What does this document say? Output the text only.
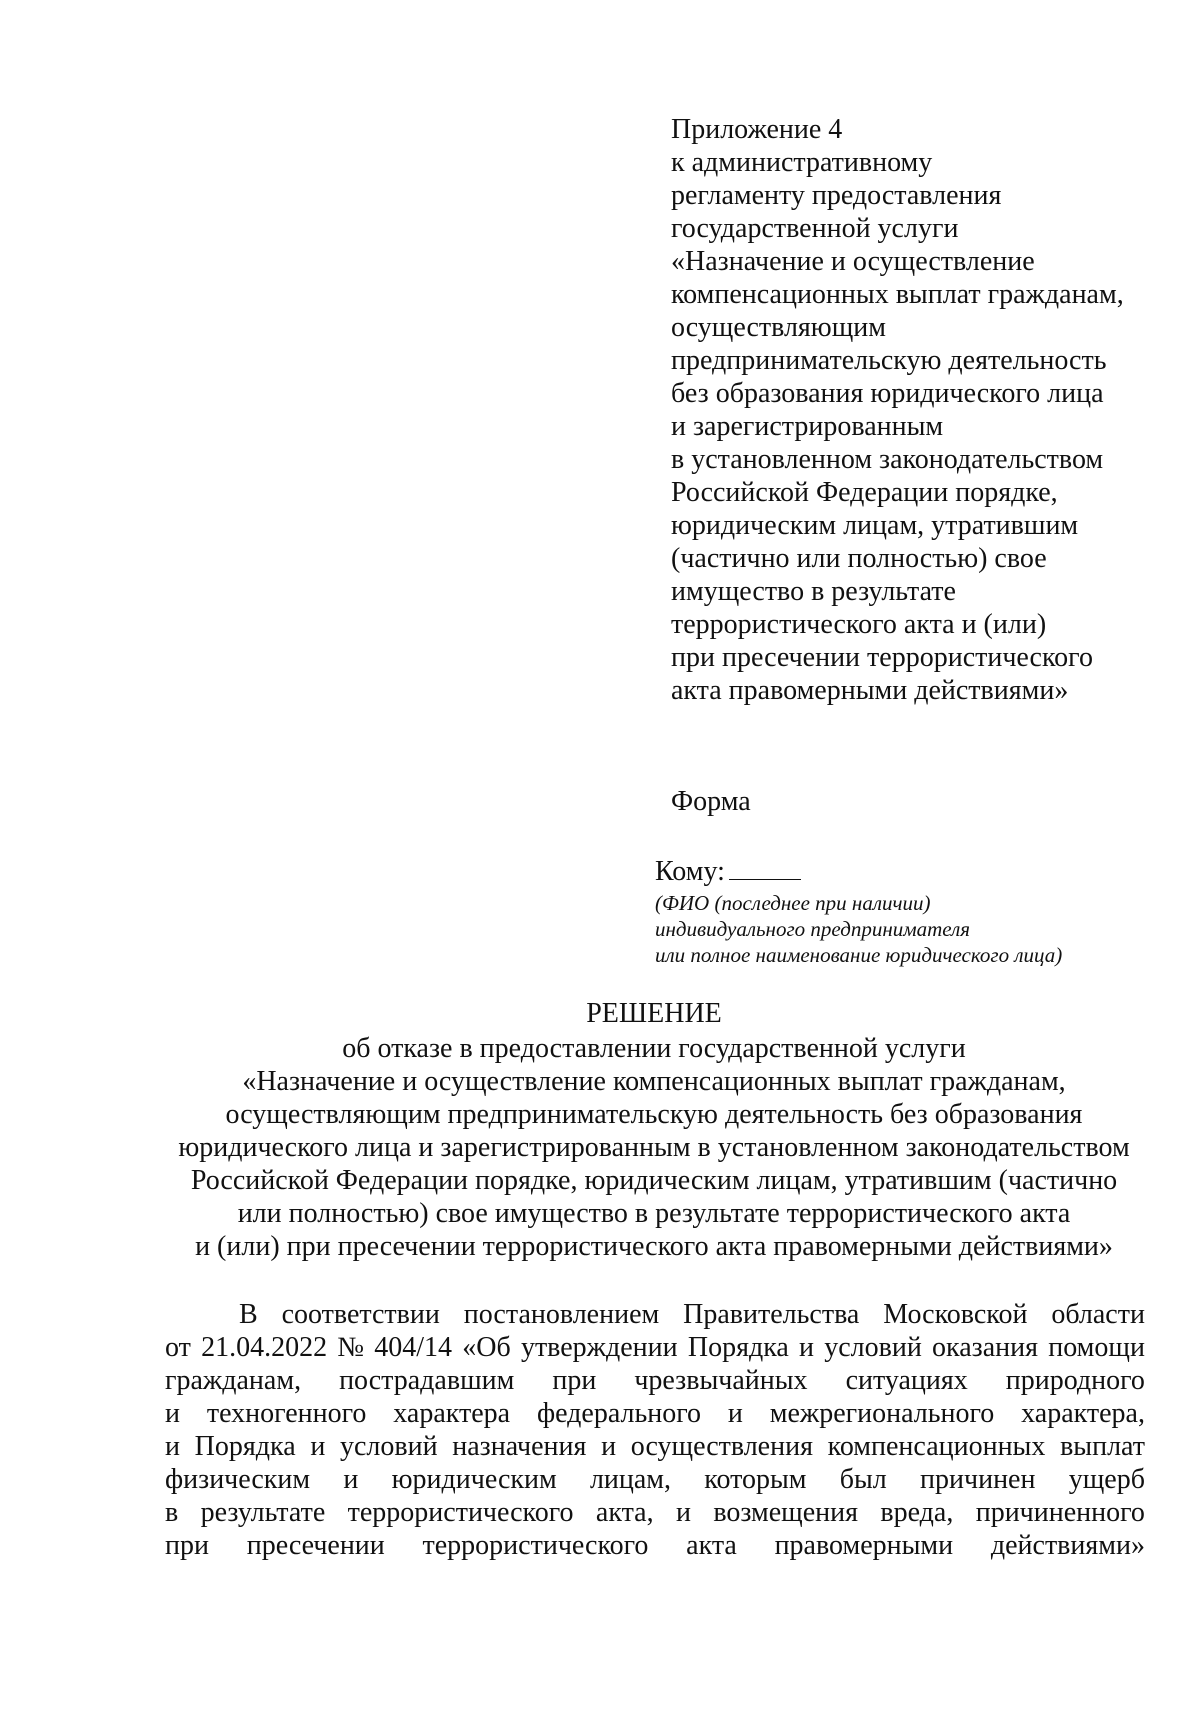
Приложение 4
к административному
регламенту предоставления
государственной услуги
«Назначение и осуществление
компенсационных выплат гражданам,
осуществляющим
предпринимательскую деятельность
без образования юридического лица
и зарегистрированным
в установленном законодательством
Российской Федерации порядке,
юридическим лицам, утратившим
(частично или полностью) свое
имущество в результате
террористического акта и (или)
при пресечении террористического
акта правомерными действиями»
Форма
Кому:
(ФИО (последнее при наличии)
индивидуального предпринимателя
или полное наименование юридического лица)
РЕШЕНИЕ
об отказе в предоставлении государственной услуги
«Назначение и осуществление компенсационных выплат гражданам,
осуществляющим предпринимательскую деятельность без образования
юридического лица и зарегистрированным в установленном законодательством
Российской Федерации порядке, юридическим лицам, утратившим (частично
или полностью) свое имущество в результате террористического акта
и (или) при пресечении террористического акта правомерными действиями»
В соответствии постановлением Правительства Московской области
от 21.04.2022 № 404/14 «Об утверждении Порядка и условий оказания помощи
гражданам, пострадавшим при чрезвычайных ситуациях природного
и техногенного характера федерального и межрегионального характера,
и Порядка и условий назначения и осуществления компенсационных выплат
физическим и юридическим лицам, которым был причинен ущерб
в результате террористического акта, и возмещения вреда, причиненного
при пресечении террористического акта правомерными действиями»
